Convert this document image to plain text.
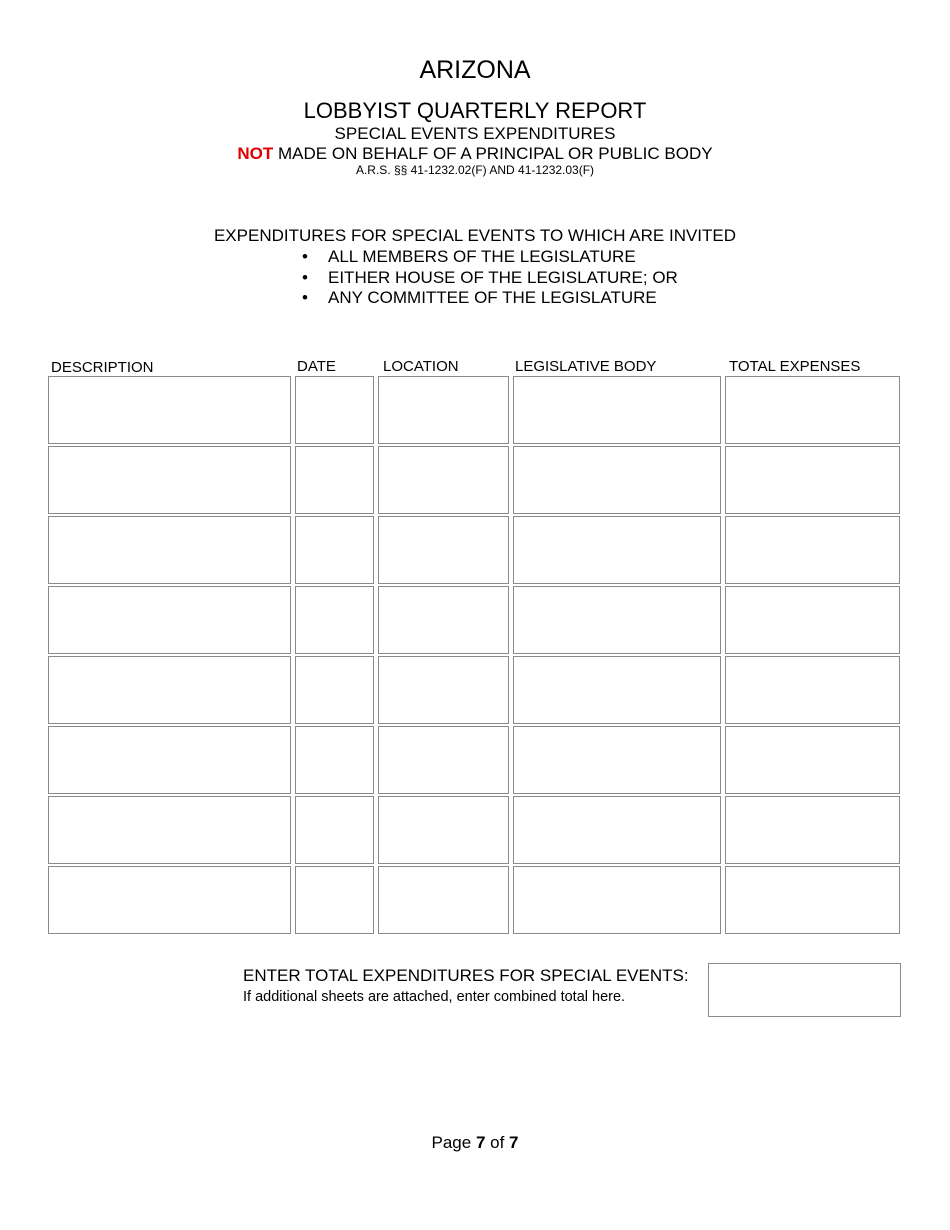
ARIZONA
LOBBYIST QUARTERLY REPORT
SPECIAL EVENTS EXPENDITURES
NOT MADE ON BEHALF OF A PRINCIPAL OR PUBLIC BODY
A.R.S. §§ 41-1232.02(F) AND 41-1232.03(F)
EXPENDITURES FOR SPECIAL EVENTS TO WHICH ARE INVITED
• ALL MEMBERS OF THE LEGISLATURE
• EITHER HOUSE OF THE LEGISLATURE; OR
• ANY COMMITTEE OF THE LEGISLATURE
DESCRIPTION	DATE	LOCATION	LEGISLATIVE BODY	TOTAL EXPENSES
ENTER TOTAL EXPENDITURES FOR SPECIAL EVENTS:
If additional sheets are attached, enter combined total here.
Page 7 of 7
